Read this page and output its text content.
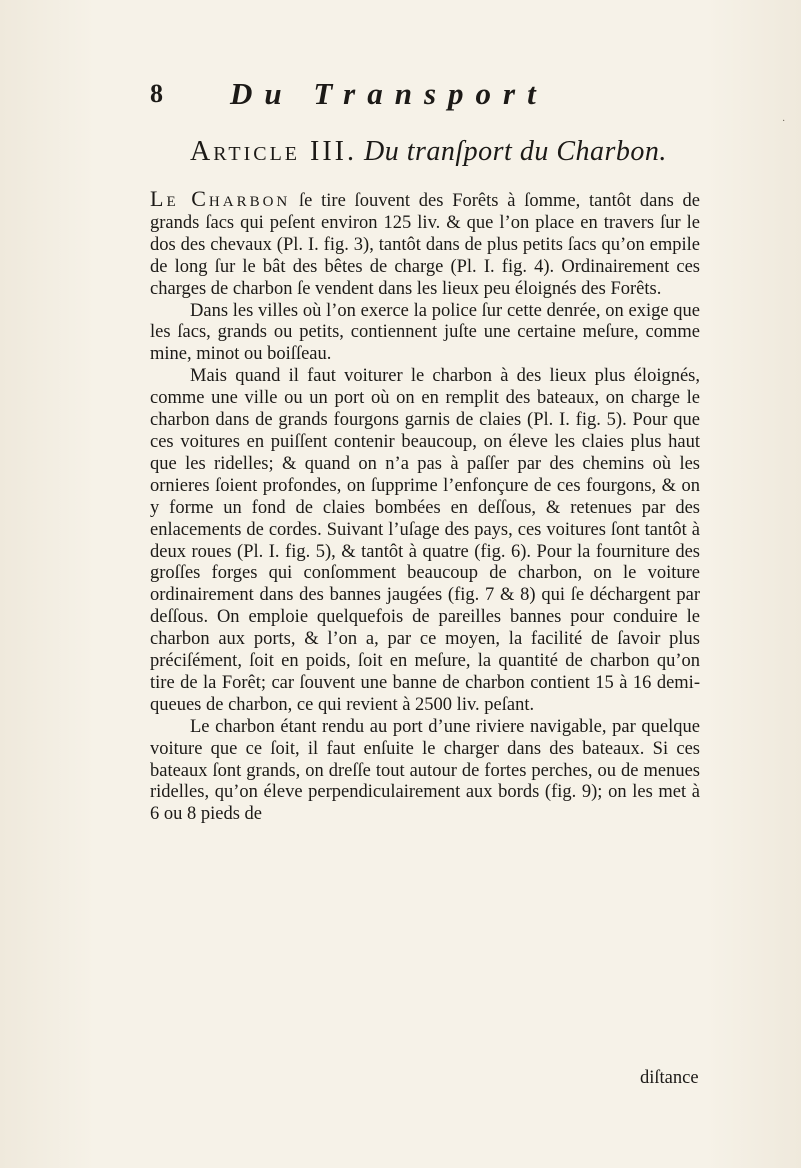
·
8 Du Transport
Article III. Du tranſport du Charbon.

Le Charbon ſe tire ſouvent des Forêts à ſomme, tantôt dans de grands ſacs qui peſent environ 125 liv. & que l’on place en travers ſur le dos des chevaux (Pl. I. fig. 3), tantôt dans de plus petits ſacs qu’on empile de long ſur le bât des bêtes de charge (Pl. I. fig. 4). Ordinairement ces charges de charbon ſe vendent dans les lieux peu éloignés des Forêts.

Dans les villes où l’on exerce la police ſur cette denrée, on exige que les ſacs, grands ou petits, contiennent juſte une certaine meſure, comme mine, minot ou boiſſeau.

Mais quand il faut voiturer le charbon à des lieux plus éloignés, comme une ville ou un port où on en remplit des bateaux, on charge le charbon dans de grands fourgons garnis de claies (Pl. I. fig. 5). Pour que ces voitures en puiſſent contenir beaucoup, on éleve les claies plus haut que les ridelles; & quand on n’a pas à paſſer par des chemins où les ornieres ſoient profondes, on ſupprime l’enfonçure de ces fourgons, & on y forme un fond de claies bombées en deſſous, & retenues par des enlacements de cordes. Suivant l’uſage des pays, ces voitures ſont tantôt à deux roues (Pl. I. fig. 5), & tantôt à quatre (fig. 6). Pour la fourniture des groſſes forges qui conſomment beaucoup de charbon, on le voiture ordinairement dans des bannes jaugées (fig. 7 & 8) qui ſe déchargent par deſſous. On emploie quelquefois de pareilles bannes pour conduire le charbon aux ports, & l’on a, par ce moyen, la facilité de ſavoir plus préciſément, ſoit en poids, ſoit en meſure, la quantité de charbon qu’on tire de la Forêt; car ſouvent une banne de charbon contient 15 à 16 demi-queues de charbon, ce qui revient à 2500 liv. peſant.

Le charbon étant rendu au port d’une riviere navigable, par quelque voiture que ce ſoit, il faut enſuite le charger dans des bateaux. Si ces bateaux ſont grands, on dreſſe tout autour de fortes perches, ou de menues ridelles, qu’on éleve perpendiculairement aux bords (fig. 9); on les met à 6 ou 8 pieds de

diſtance
